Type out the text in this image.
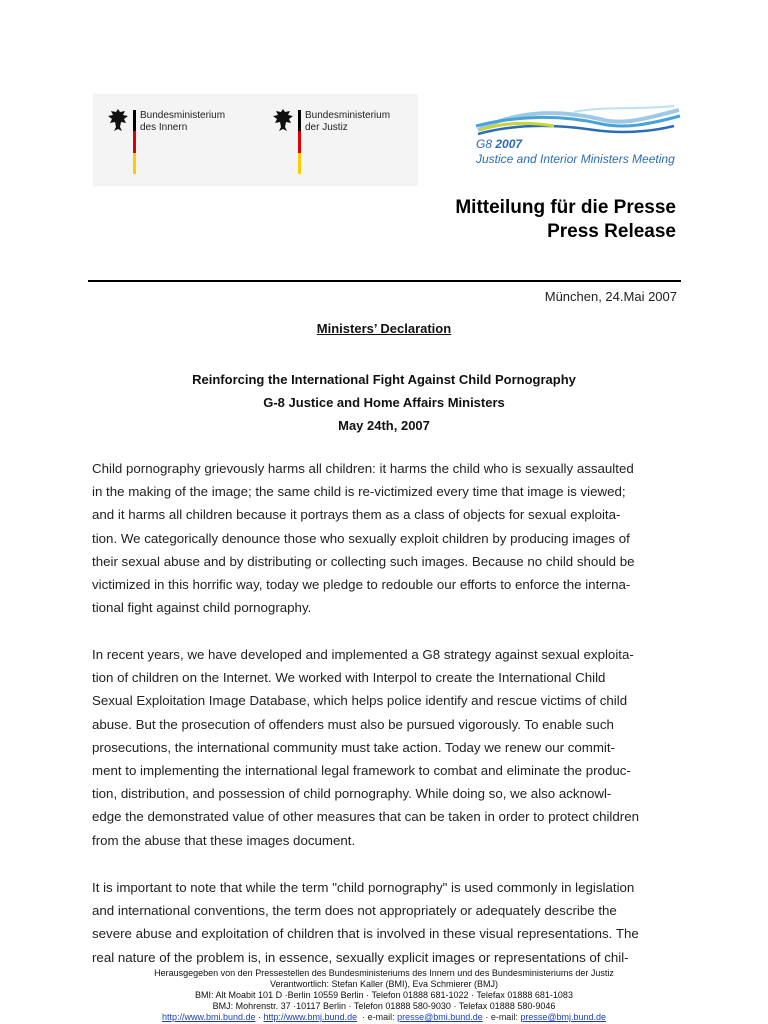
Bundesministerium
des Innern
Bundesministerium
der Justiz
G8 2007
Justice and Interior Ministers Meeting
Mitteilung für die Presse
Press Release
München, 24.Mai 2007
Ministers’ Declaration
Reinforcing the International Fight Against Child Pornography
G-8 Justice and Home Affairs Ministers
May 24th, 2007
Child pornography grievously harms all children: it harms the child who is sexually assaulted
in the making of the image; the same child is re-victimized every time that image is viewed;
and it harms all children because it portrays them as a class of objects for sexual exploita-
tion. We categorically denounce those who sexually exploit children by producing images of
their sexual abuse and by distributing or collecting such images. Because no child should be
victimized in this horrific way, today we pledge to redouble our efforts to enforce the interna-
tional fight against child pornography.
In recent years, we have developed and implemented a G8 strategy against sexual exploita-
tion of children on the Internet. We worked with Interpol to create the International Child
Sexual Exploitation Image Database, which helps police identify and rescue victims of child
abuse. But the prosecution of offenders must also be pursued vigorously. To enable such
prosecutions, the international community must take action. Today we renew our commit-
ment to implementing the international legal framework to combat and eliminate the produc-
tion, distribution, and possession of child pornography. While doing so, we also acknowl-
edge the demonstrated value of other measures that can be taken in order to protect children
from the abuse that these images document.
It is important to note that while the term "child pornography" is used commonly in legislation
and international conventions, the term does not appropriately or adequately describe the
severe abuse and exploitation of children that is involved in these visual representations. The
real nature of the problem is, in essence, sexually explicit images or representations of chil-
Herausgegeben von den Pressestellen des Bundesministeriums des Innern und des Bundesministeriums der Justiz
Verantwortlich: Stefan Kaller (BMI), Eva Schmierer (BMJ)
BMI: Alt Moabit 101 D ·Berlin 10559 Berlin · Telefon 01888 681-1022 · Telefax 01888 681-1083
BMJ: Mohrenstr. 37 ·10117 Berlin · Telefon 01888 580-9030 · Telefax 01888 580-9046
http://www.bmi.bund.de · http://www.bmj.bund.de  · e-mail: presse@bmi.bund.de · e-mail: presse@bmj.bund.de
